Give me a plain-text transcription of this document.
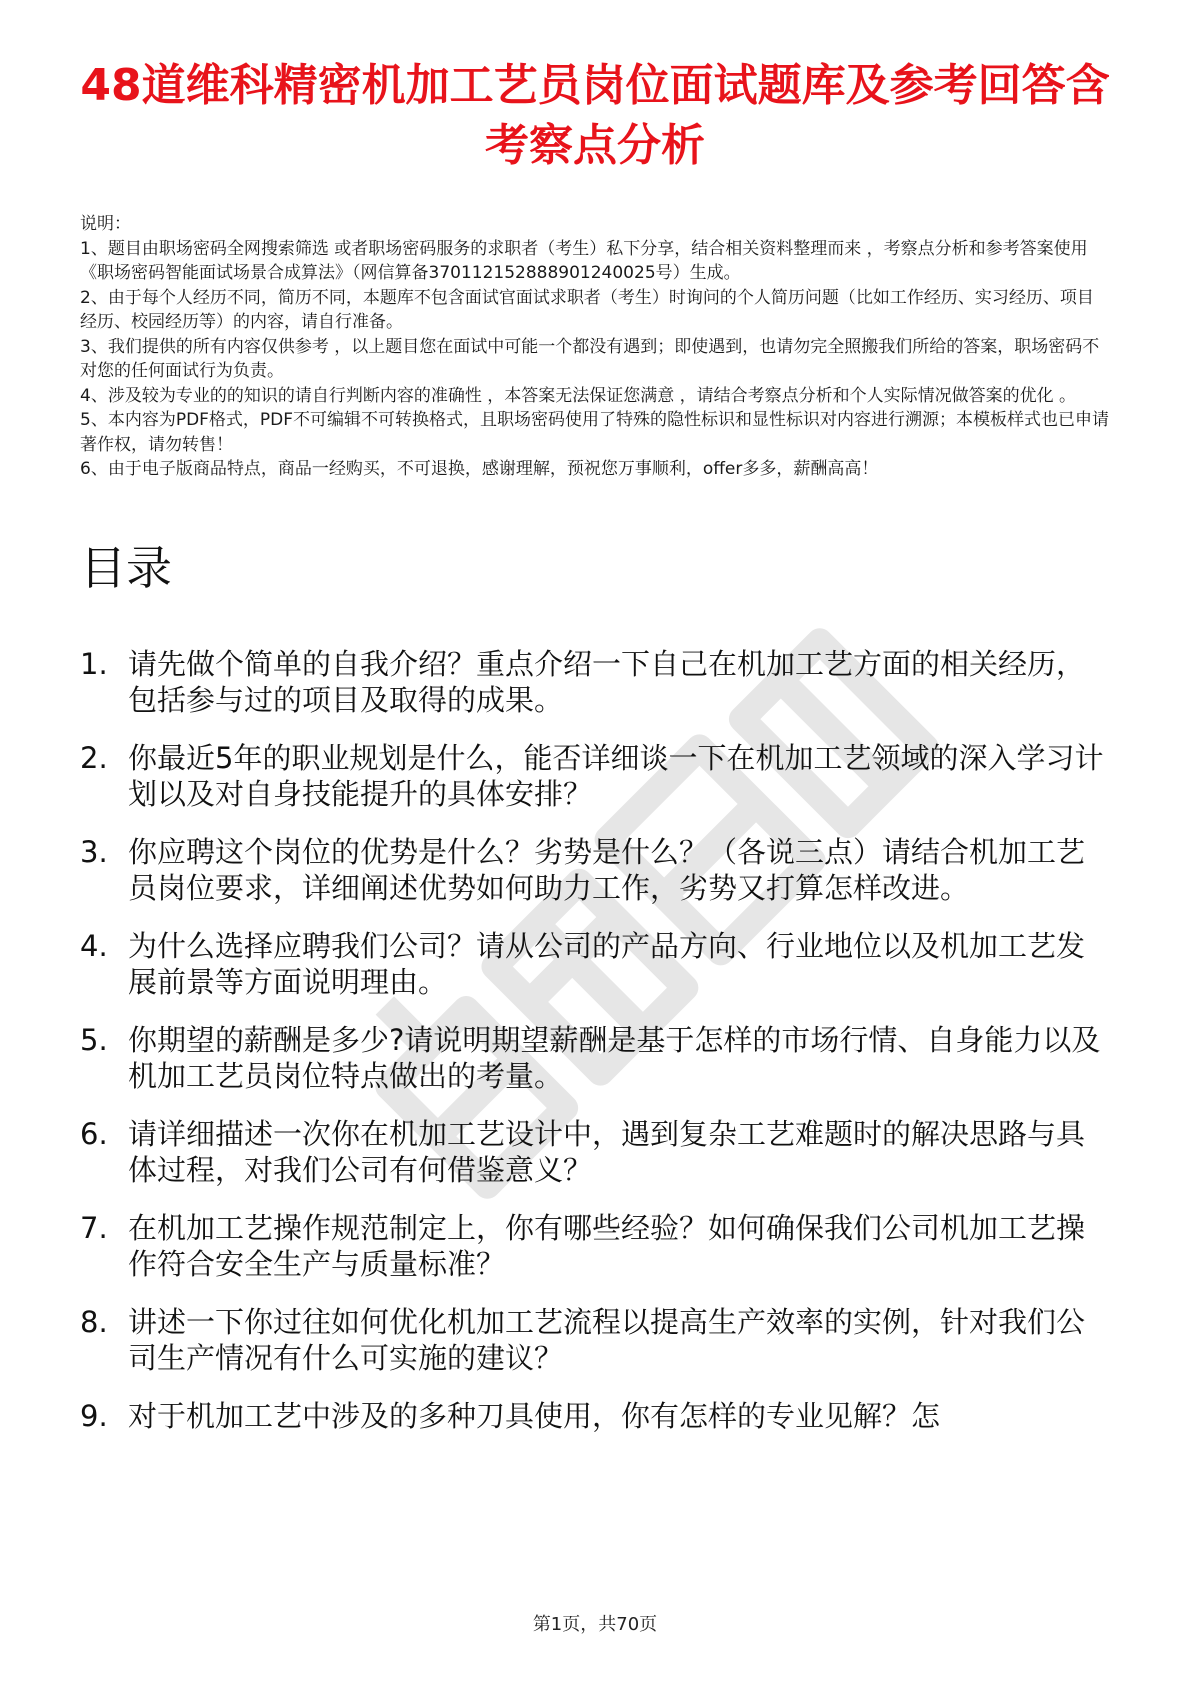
48道维科精密机加工艺员岗位面试题库及参考回答含考察点分析

说明：

1、题目由职场密码全网搜索筛选 或者职场密码服务的求职者（考生）私下分享，结合相关资料整理而来 ，考察点分析和参考答案使用《职场密码智能面试场景合成算法》（网信算备370112152888901240025号）生成。

2、由于每个人经历不同，简历不同，本题库不包含面试官面试求职者（考生）时询问的个人简历问题（比如工作经历、实习经历、项目经历、校园经历等）的内容，请自行准备。

3、我们提供的所有内容仅供参考 ，以上题目您在面试中可能一个都没有遇到；即使遇到，也请勿完全照搬我们所给的答案，职场密码不对您的任何面试行为负责。

4、涉及较为专业的的知识的请自行判断内容的准确性 ，本答案无法保证您满意 ，请结合考察点分析和个人实际情况做答案的优化 。

5、本内容为PDF格式，PDF不可编辑不可转换格式，且职场密码使用了特殊的隐性标识和显性标识对内容进行溯源；本模板样式也已申请著作权，请勿转售！

6、由于电子版商品特点，商品一经购买，不可退换，感谢理解，预祝您万事顺利，offer多多，薪酬高高！

目录
1. 请先做个简单的自我介绍？重点介绍一下自己在机加工艺方面的相关经历，包括参与过的项目及取得的成果。
2. 你最近5年的职业规划是什么，能否详细谈一下在机加工艺领域的深入学习计划以及对自身技能提升的具体安排？
3. 你应聘这个岗位的优势是什么？劣势是什么？（各说三点）请结合机加工艺员岗位要求，详细阐述优势如何助力工作，劣势又打算怎样改进。
4. 为什么选择应聘我们公司？请从公司的产品方向、行业地位以及机加工艺发展前景等方面说明理由。
5. 你期望的薪酬是多少?请说明期望薪酬是基于怎样的市场行情、自身能力以及机加工艺员岗位特点做出的考量。
6. 请详细描述一次你在机加工艺设计中，遇到复杂工艺难题时的解决思路与具体过程，对我们公司有何借鉴意义？
7. 在机加工艺操作规范制定上，你有哪些经验？如何确保我们公司机加工艺操作符合安全生产与质量标准？
8. 讲述一下你过往如何优化机加工艺流程以提高生产效率的实例，针对我们公司生产情况有什么可实施的建议？
9. 对于机加工艺中涉及的多种刀具使用，你有怎样的专业见解？怎
第1页，共70页
